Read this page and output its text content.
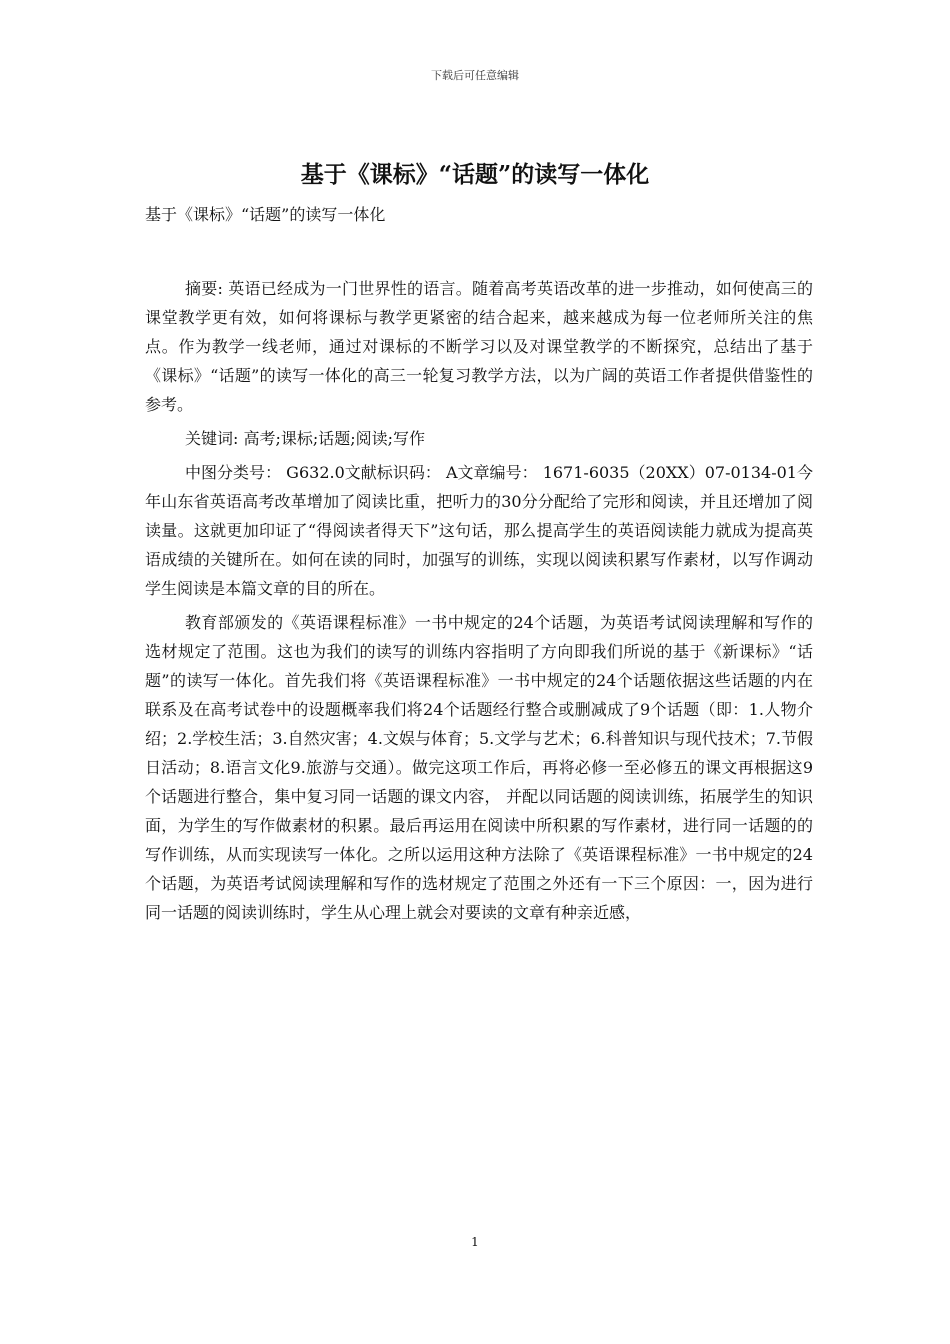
下载后可任意编辑
基于《课标》“话题”的读写一体化
基于《课标》“话题”的读写一体化

摘要: 英语已经成为一门世界性的语言。随着高考英语改革的进一步推动，如何使高三的课堂教学更有效，如何将课标与教学更紧密的结合起来，越来越成为每一位老师所关注的焦点。作为教学一线老师，通过对课标的不断学习以及对课堂教学的不断探究，总结出了基于《课标》“话题”的读写一体化的高三一轮复习教学方法，以为广阔的英语工作者提供借鉴性的参考。

关键词: 高考;课标;话题;阅读;写作

中图分类号： G632.0文献标识码： A文章编号： 1671-6035（20XX）07-0134-01今年山东省英语高考改革增加了阅读比重，把听力的30分分配给了完形和阅读，并且还增加了阅读量。这就更加印证了“得阅读者得天下”这句话，那么提高学生的英语阅读能力就成为提高英语成绩的关键所在。如何在读的同时，加强写的训练，实现以阅读积累写作素材，以写作调动学生阅读是本篇文章的目的所在。

教育部颁发的《英语课程标准》一书中规定的24个话题，为英语考试阅读理解和写作的选材规定了范围。这也为我们的读写的训练内容指明了方向即我们所说的基于《新课标》“话题”的读写一体化。首先我们将《英语课程标准》一书中规定的24个话题依据这些话题的内在联系及在高考试卷中的设题概率我们将24个话题经行整合或删减成了9个话题（即：1.人物介绍；2.学校生活；3.自然灾害；4.文娱与体育；5.文学与艺术；6.科普知识与现代技术；7.节假日活动；8.语言文化9.旅游与交通）。做完这项工作后，再将必修一至必修五的课文再根据这9个话题进行整合，集中复习同一话题的课文内容， 并配以同话题的阅读训练，拓展学生的知识面，为学生的写作做素材的积累。最后再运用在阅读中所积累的写作素材，进行同一话题的的写作训练，从而实现读写一体化。之所以运用这种方法除了《英语课程标准》一书中规定的24个话题，为英语考试阅读理解和写作的选材规定了范围之外还有一下三个原因：一，因为进行同一话题的阅读训练时，学生从心理上就会对要读的文章有种亲近感，

1
